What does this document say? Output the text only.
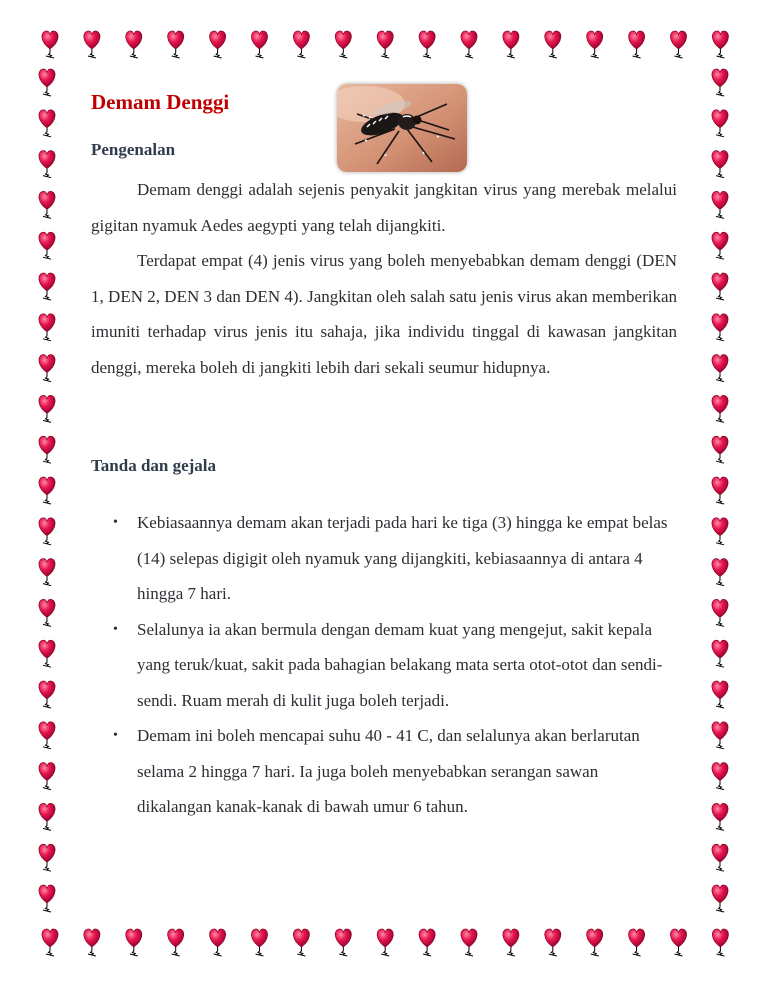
Demam Denggi
Pengenalan

Demam denggi adalah sejenis penyakit jangkitan virus yang merebak melalui gigitan nyamuk Aedes aegypti yang telah dijangkiti.

Terdapat empat (4) jenis virus yang boleh menyebabkan demam denggi (DEN 1, DEN 2, DEN 3 dan DEN 4). Jangkitan oleh salah satu jenis virus akan memberikan imuniti terhadap virus jenis itu sahaja, jika individu tinggal di kawasan jangkitan denggi, mereka boleh di jangkiti lebih dari sekali seumur hidupnya.

Tanda dan gejala
• Kebiasaannya demam akan terjadi pada hari ke tiga (3) hingga ke empat belas (14) selepas digigit oleh nyamuk yang dijangkiti, kebiasaannya di antara 4 hingga 7 hari.
• Selalunya ia akan bermula dengan demam kuat yang mengejut, sakit kepala yang teruk/kuat, sakit pada bahagian belakang mata serta otot-otot dan sendi-sendi. Ruam merah di kulit juga boleh terjadi.
• Demam ini boleh mencapai suhu 40 - 41 C, dan selalunya akan berlarutan selama 2 hingga 7 hari. Ia juga boleh menyebabkan serangan sawan dikalangan kanak-kanak di bawah umur 6 tahun.
